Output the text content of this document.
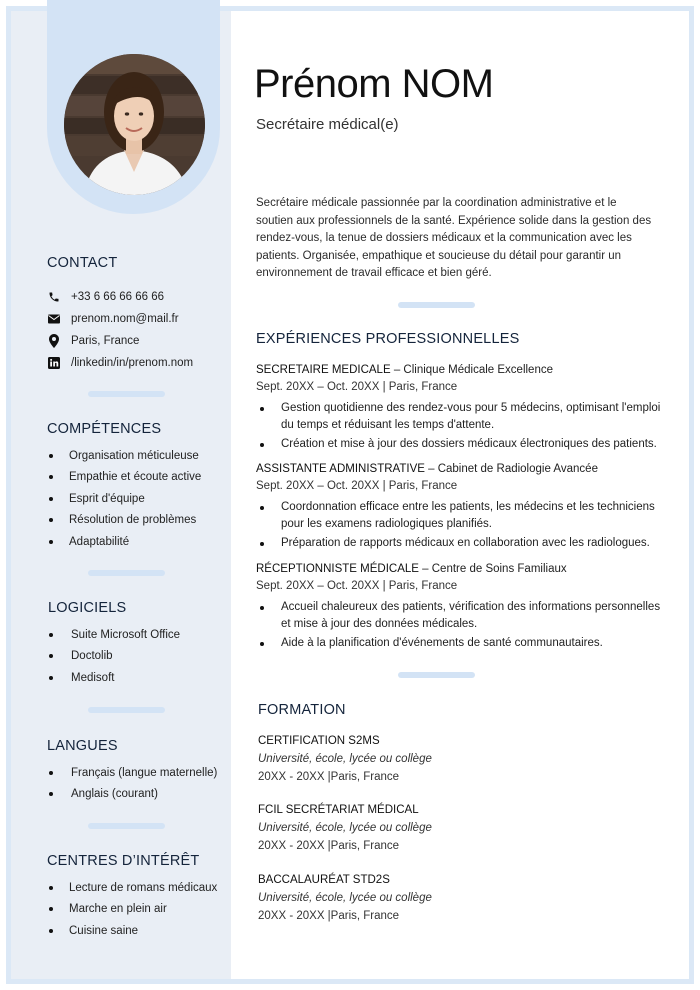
Prénom NOM
Secrétaire médical(e)
Secrétaire médicale passionnée par la coordination administrative et le soutien aux professionnels de la santé. Expérience solide dans la gestion des rendez-vous, la tenue de dossiers médicaux et la communication avec les patients. Organisée, empathique et soucieuse du détail pour garantir un environnement de travail efficace et bien géré.
CONTACT
+33 6 66 66 66 66
prenom.nom@mail.fr
Paris, France
/linkedin/in/prenom.nom
COMPÉTENCES
Organisation méticuleuse
Empathie et écoute active
Esprit d'équipe
Résolution de problèmes
Adaptabilité
LOGICIELS
Suite Microsoft Office
Doctolib
Medisoft
LANGUES
Français (langue maternelle)
Anglais (courant)
CENTRES D’INTÉRÊT
Lecture de romans médicaux
Marche en plein air
Cuisine saine
EXPÉRIENCES PROFESSIONNELLES
SECRETAIRE MEDICALE – Clinique Médicale Excellence
Sept. 20XX – Oct. 20XX | Paris, France
Gestion quotidienne des rendez-vous pour 5 médecins, optimisant l'emploi du temps et réduisant les temps d'attente.
Création et mise à jour des dossiers médicaux électroniques des patients.
ASSISTANTE ADMINISTRATIVE – Cabinet de Radiologie Avancée
Sept. 20XX – Oct. 20XX | Paris, France
Coordonnation efficace entre les patients, les médecins et les techniciens pour les examens radiologiques planifiés.
Préparation de rapports médicaux en collaboration avec les radiologues.
RÉCEPTIONNISTE MÉDICALE – Centre de Soins Familiaux
Sept. 20XX – Oct. 20XX | Paris, France
Accueil chaleureux des patients, vérification des informations personnelles et mise à jour des données médicales.
Aide à la planification d'événements de santé communautaires.
FORMATION
CERTIFICATION S2MS
Université, école, lycée ou collège
20XX - 20XX |Paris, France
FCIL SECRÉTARIAT MÉDICAL
Université, école, lycée ou collège
20XX - 20XX |Paris, France
BACCALAURÉAT STD2S
Université, école, lycée ou collège
20XX - 20XX |Paris, France
